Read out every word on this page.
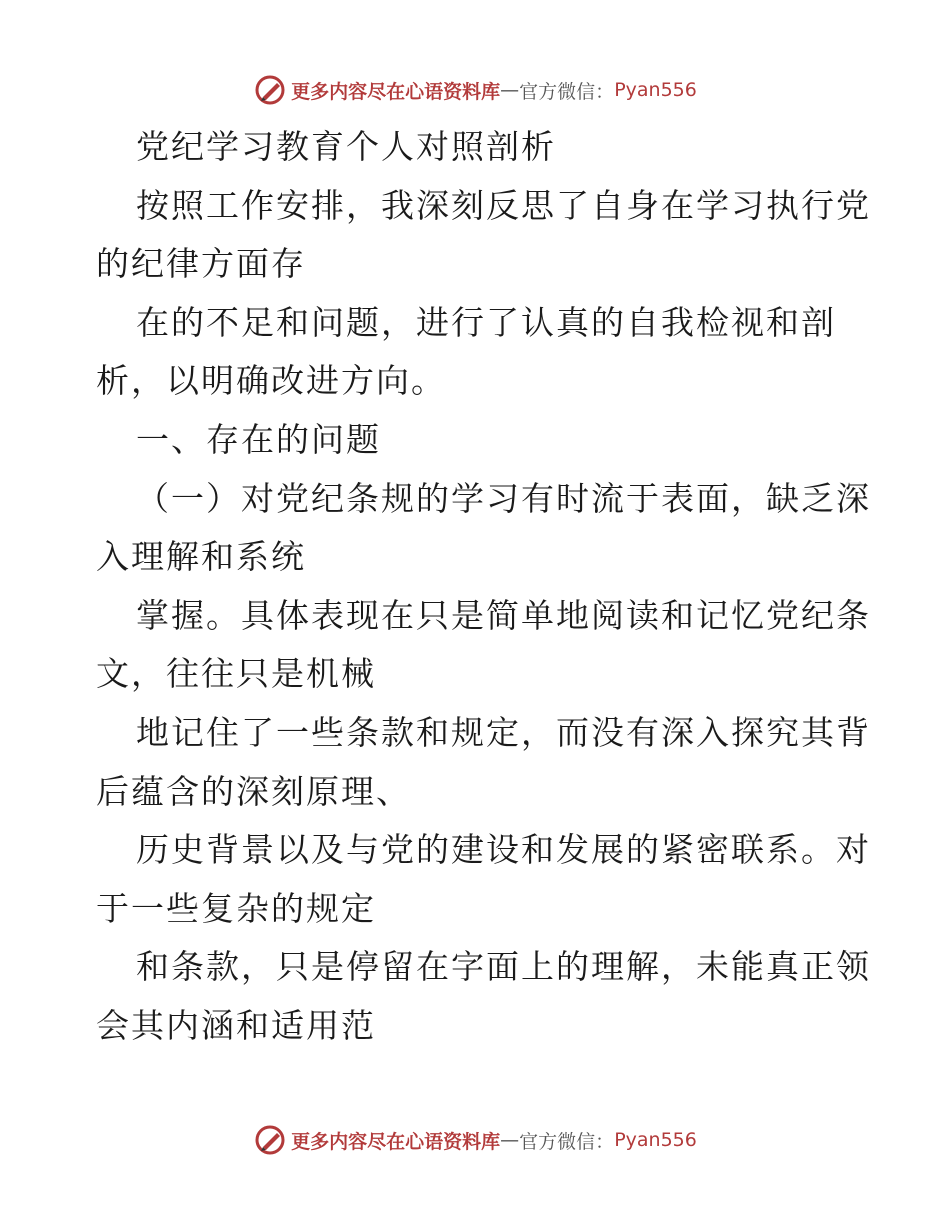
更多内容尽在心语资料库 — 官方微信： Pyan556
党纪学习教育个人对照剖析
按照工作安排，我深刻反思了自身在学习执行党
的纪律方面存
在的不足和问题，进行了认真的自我检视和剖
析，以明确改进方向。
一、存在的问题
（一）对党纪条规的学习有时流于表面，缺乏深
入理解和系统
掌握。具体表现在只是简单地阅读和记忆党纪条
文，往往只是机械
地记住了一些条款和规定，而没有深入探究其背
后蕴含的深刻原理、
历史背景以及与党的建设和发展的紧密联系。对
于一些复杂的规定
和条款，只是停留在字面上的理解，未能真正领
会其内涵和适用范
更多内容尽在心语资料库 — 官方微信： Pyan556
